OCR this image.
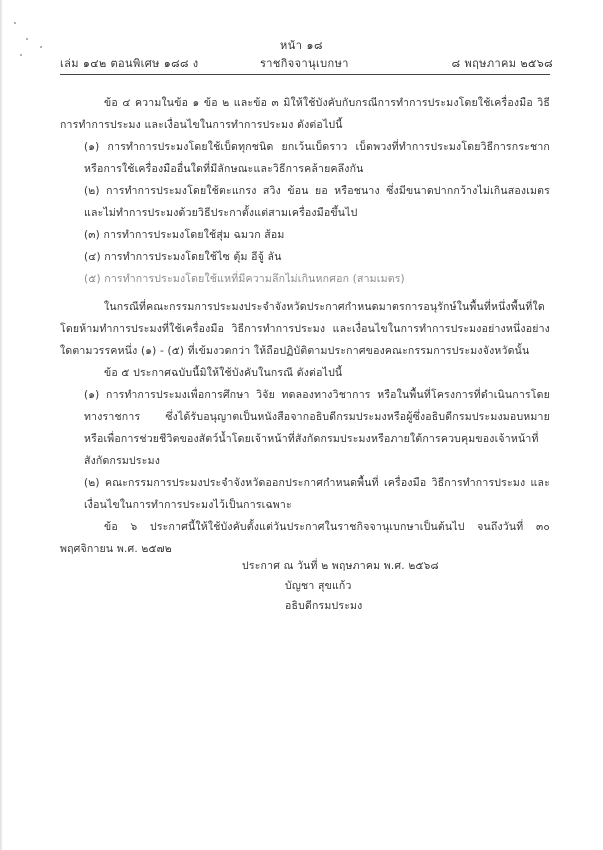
หน้า ๑๘
เล่ม ๑๔๒ ตอนพิเศษ ๑๘๘ ง	ราชกิจจานุเบกษา	๘ พฤษภาคม ๒๕๖๘

ข้อ ๔ ความในข้อ ๑ ข้อ ๒ และข้อ ๓ มิให้ใช้บังคับกับกรณีการทำการประมงโดยใช้เครื่องมือ วิธีการทำการประมง และเงื่อนไขในการทำการประมง ดังต่อไปนี้

(๑) การทำการประมงโดยใช้เบ็ดทุกชนิด ยกเว้นเบ็ดราว เบ็ดพวงที่ทำการประมงโดยวิธีการกระชาก หรือการใช้เครื่องมืออื่นใดที่มีลักษณะและวิธีการคล้ายคลึงกัน

(๒) การทำการประมงโดยใช้ตะแกรง สวิง ข้อน ยอ หรือชนาง ซึ่งมีขนาดปากกว้างไม่เกินสองเมตร และไม่ทำการประมงด้วยวิธีประกาตั้งแต่สามเครื่องมือขึ้นไป

(๓) การทำการประมงโดยใช้สุ่ม ฉมวก ส้อม

(๔) การทำการประมงโดยใช้ไซ ตุ้ม อีจู้ ลัน

(๕) การทำการประมงโดยใช้แหที่มีความลึกไม่เกินหกศอก (สามเมตร)

ในกรณีที่คณะกรรมการประมงประจำจังหวัดประกาศกำหนดมาตรการอนุรักษ์ในพื้นที่หนึ่งพื้นที่ใด โดยห้ามทำการประมงที่ใช้เครื่องมือ วิธีการทำการประมง และเงื่อนไขในการทำการประมงอย่างหนึ่งอย่างใดตามวรรคหนึ่ง (๑) - (๕) ที่เข้มงวดกว่า ให้ถือปฏิบัติตามประกาศของคณะกรรมการประมงจังหวัดนั้น

ข้อ ๕ ประกาศฉบับนี้มิให้ใช้บังคับในกรณี ดังต่อไปนี้

(๑) การทำการประมงเพื่อการศึกษา วิจัย ทดลองทางวิชาการ หรือในพื้นที่โครงการที่ดำเนินการโดยทางราชการ ซึ่งได้รับอนุญาตเป็นหนังสือจากอธิบดีกรมประมงหรือผู้ซึ่งอธิบดีกรมประมงมอบหมาย หรือเพื่อการช่วยชีวิตของสัตว์น้ำโดยเจ้าหน้าที่สังกัดกรมประมงหรือภายใต้การควบคุมของเจ้าหน้าที่สังกัดกรมประมง

(๒) คณะกรรมการประมงประจำจังหวัดออกประกาศกำหนดพื้นที่ เครื่องมือ วิธีการทำการประมง และเงื่อนไขในการทำการประมงไว้เป็นการเฉพาะ

ข้อ ๖ ประกาศนี้ให้ใช้บังคับตั้งแต่วันประกาศในราชกิจจานุเบกษาเป็นต้นไป จนถึงวันที่ ๓๐ พฤศจิกายน พ.ศ. ๒๕๗๒

ประกาศ ณ วันที่ ๒ พฤษภาคม พ.ศ. ๒๕๖๘
บัญชา สุขแก้ว
อธิบดีกรมประมง
